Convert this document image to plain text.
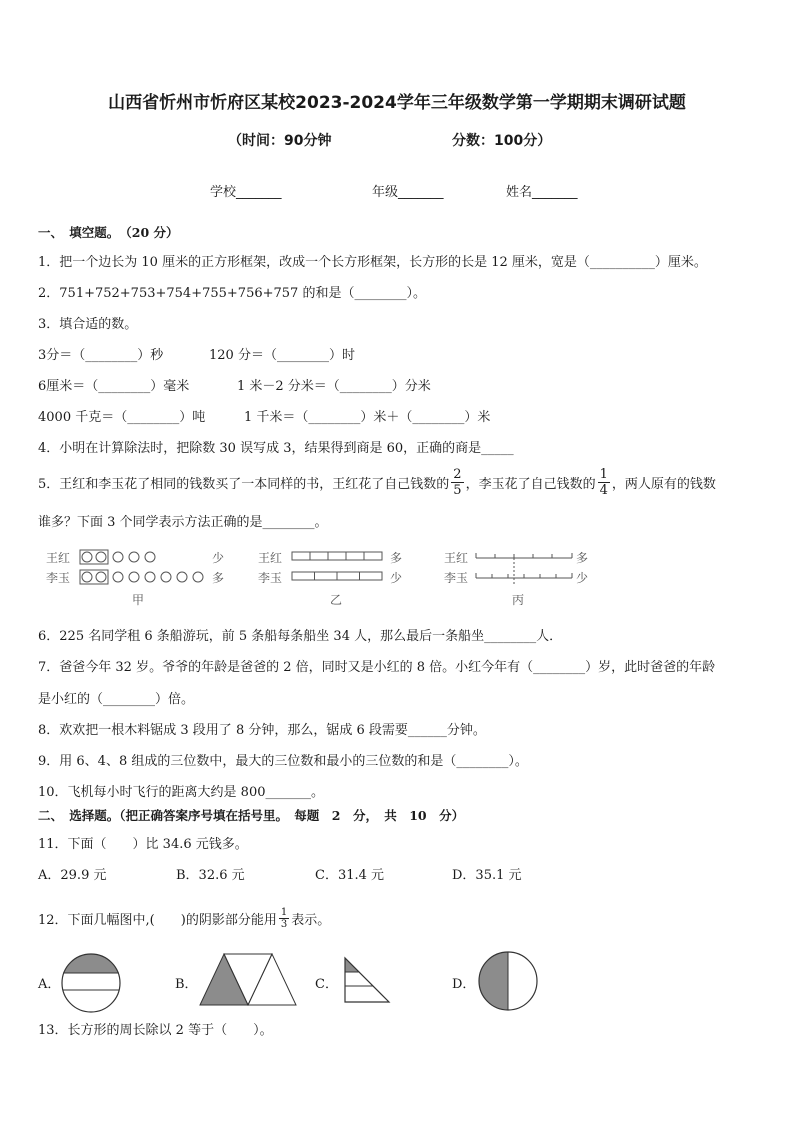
山西省忻州市忻府区某校2023-2024学年三年级数学第一学期期末调研试题
（时间：90分钟	分数：100分）
学校_______	年级_______	姓名_______
一、　填空题。　（20 分）
1．把一个边长为 10 厘米的正方形框架，改成一个长方形框架，长方形的长是 12 厘米，宽是（__________）厘米。
2．751+752+753+754+755+756+757 的和是（________）。
3．填合适的数。
3分＝（________）秒	120 分＝（________）时
6厘米＝（________）毫米	1 米－2 分米＝（________）分米
4000 千克＝（________）吨	1 千米＝（________）米＋（________）米
4．小明在计算除法时，把除数 30 误写成 3，结果得到商是 60，正确的商是_____
5．王红和李玉花了相同的钱数买了一本同样的书，王红花了自己钱数的 $\frac{2}{5}$ ，李玉花了自己钱数的 $\frac{1}{4}$ ，两人原有的钱数
谁多？下面 3 个同学表示方法正确的是________。
王红
李玉
少
多
甲
王红
李玉
多
少
乙
王红
李玉
多
少
丙
6．225 名同学租 6 条船游玩，前 5 条船每条船坐 34 人，那么最后一条船坐________人．
7．爸爸今年 32 岁。爷爷的年龄是爸爸的 2 倍，同时又是小红的 8 倍。小红今年有（________）岁，此时爸爸的年龄
是小红的（________）倍。
8．欢欢把一根木料锯成 3 段用了 8 分钟，那么，锯成 6 段需要______分钟。
9．用 6、4、8 组成的三位数中，最大的三位数和最小的三位数的和是（________）。
10．飞机每小时飞行的距离大约是 800_______。
二、　选择题。（把正确答案序号填在括号里。　每题　2　分，　共　10　分）
11．下面（　　）比 34.6 元钱多。
A．29.9 元	B．32.6 元	C．31.4 元	D．35.1 元
12．下面几幅图中,(　　)的阴影部分能用 $\frac{1}{3}$ 表示。
A．	B．	C．	D．
13．长方形的周长除以 2 等于（　　）。
